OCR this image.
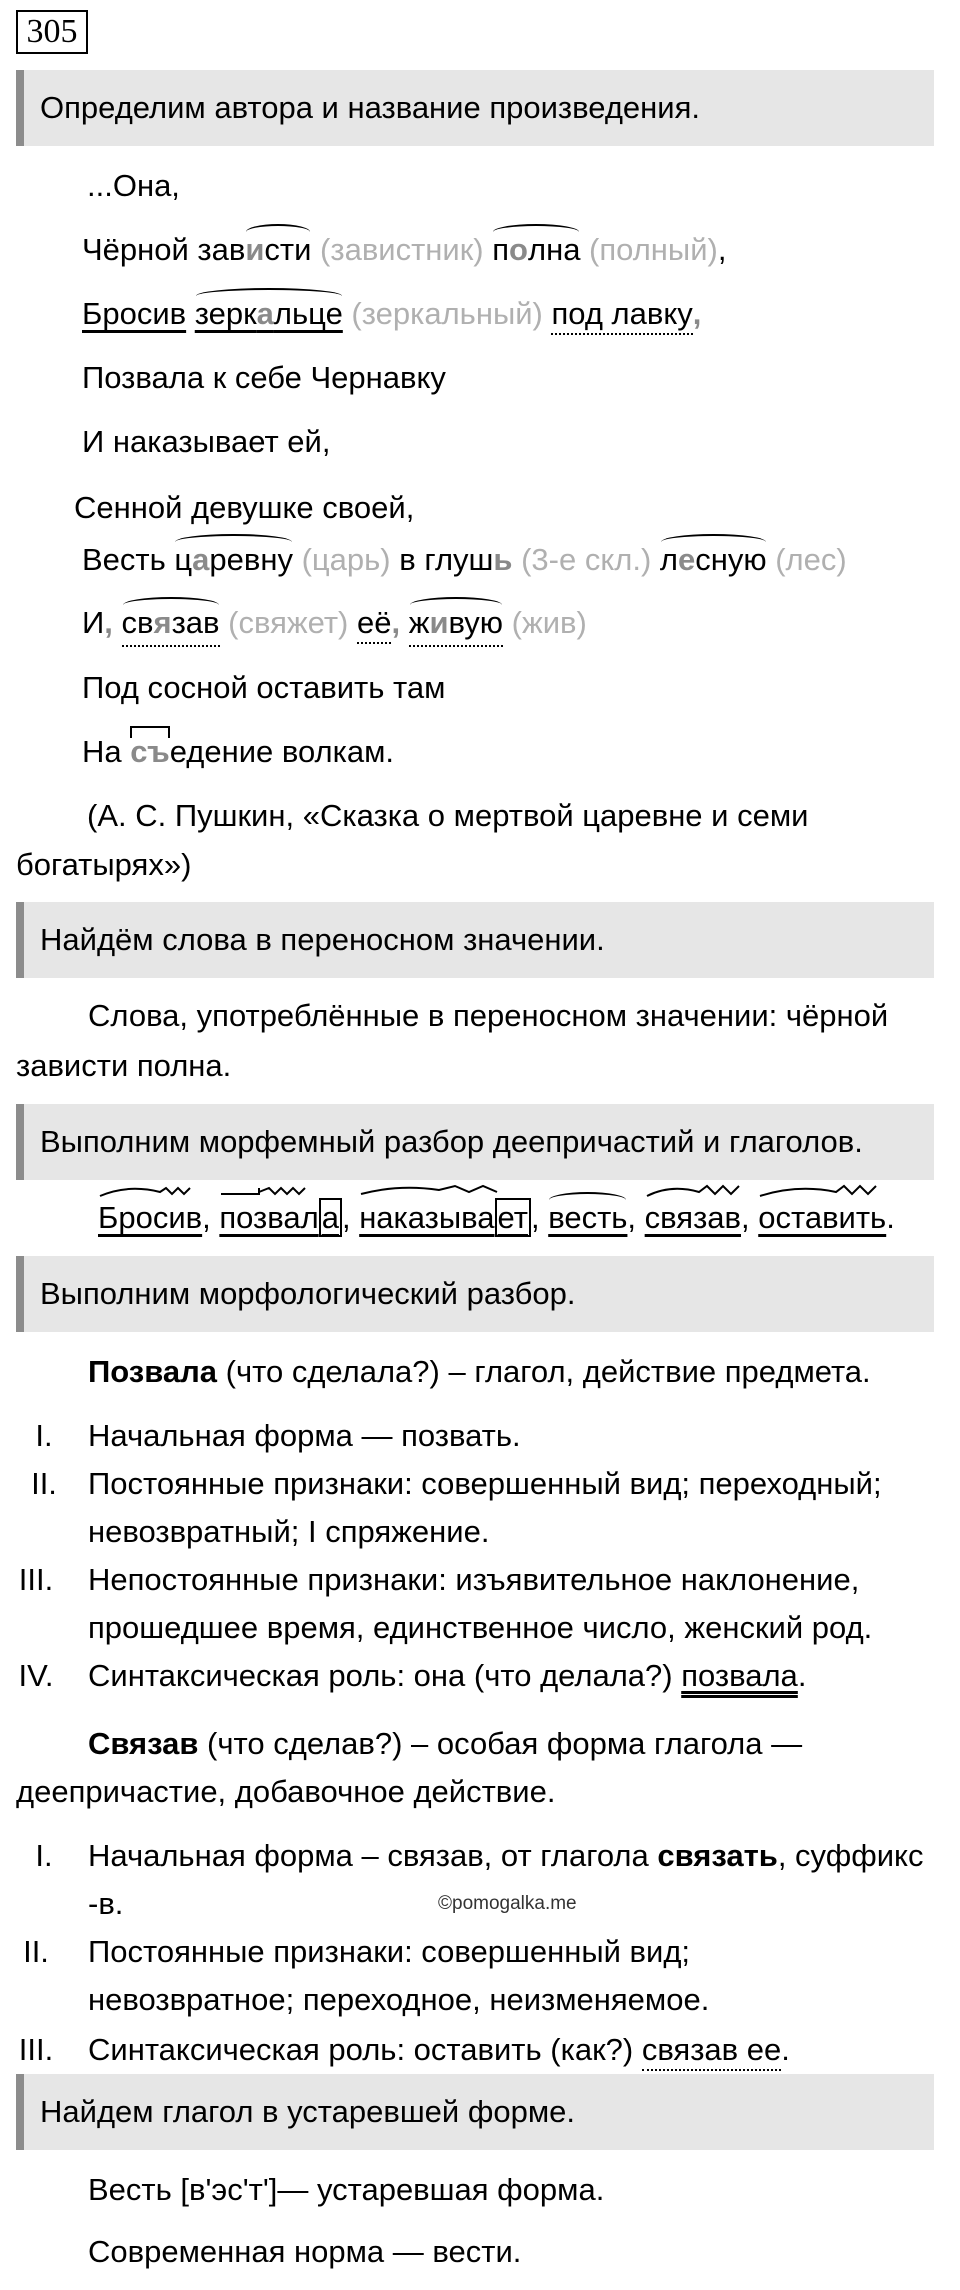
305
Определим автора и название произведения.
...Она,
Чёрной зависти (завистник) полна (полный),
Бросив зеркальце (зеркальный) под лавку,
Позвала к себе Чернавку
И наказывает ей,
Сенной девушке своей,
Весть царевну (царь) в глушь (3-е скл.) лесную (лес)
И, связав (свяжет) её, живую (жив)
Под сосной оставить там
На съедение волкам.
(А. С. Пушкин, «Сказка о мертвой царевне и семи
богатырях»)
Найдём слова в переносном значении.
Слова, употреблённые в переносном значении: чёрной
зависти полна.
Выполним морфемный разбор деепричастий и глаголов.
Бросив,
позвала,
наказывает, весть,
связав,
оставить.
Выполним морфологический разбор.
Позвала (что сделала?) – глагол, действие предмета.
I.	Начальная форма — позвать.
II.	Постоянные признаки: совершенный вид; переходный;
невозвратный; I спряжение.
III.	Непостоянные признаки: изъявительное наклонение,
прошедшее время, единственное число, женский род.
IV.	Синтаксическая роль: она (что делала?) позвала.
Связав (что сделав?) – особая форма глагола —
деепричастие, добавочное действие.
I.	Начальная форма – связав, от глагола связать, суффикс
-в.	©pomogalka.me
II.	Постоянные признаки: совершенный вид;
невозвратное; переходное, неизменяемое.
III.	Синтаксическая роль: оставить (как?) связав ее.
Найдем глагол в устаревшей форме.
Весть [в'эс'т']— устаревшая форма.
Современная норма — вести.
